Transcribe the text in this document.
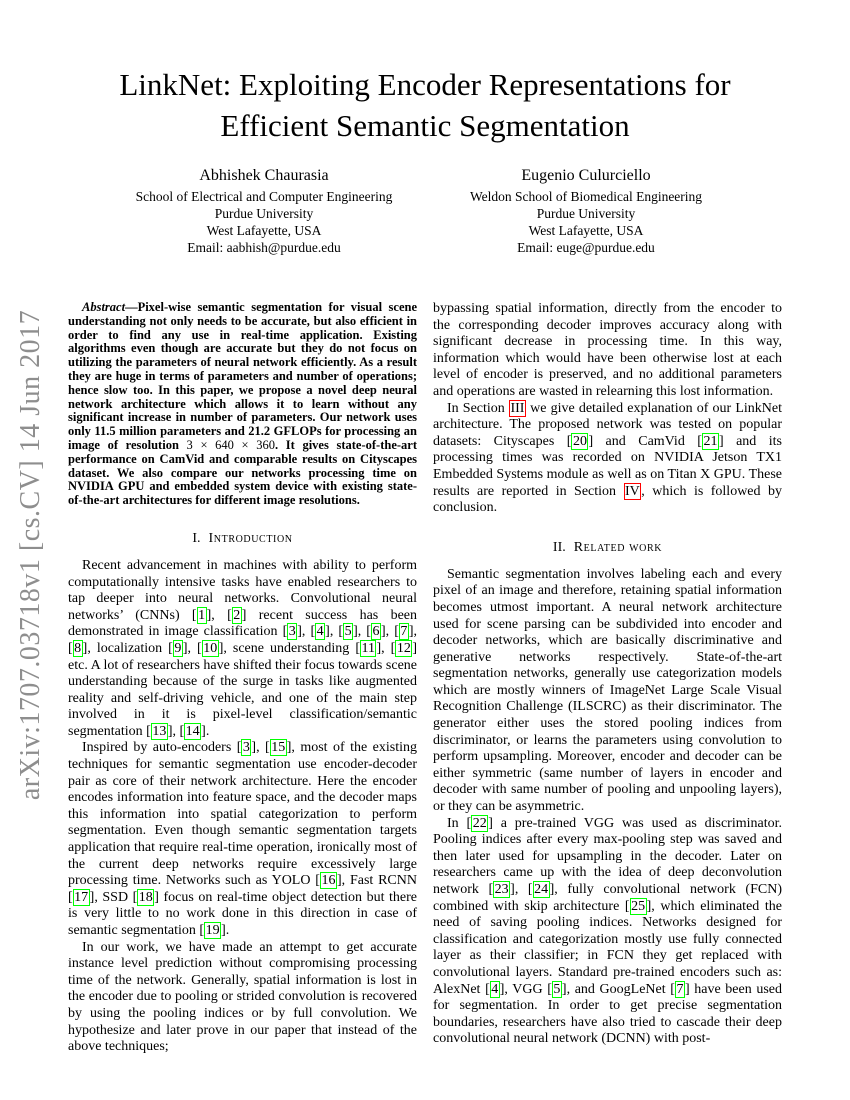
arXiv:1707.03718v1 [cs.CV] 14 Jun 2017
LinkNet: Exploiting Encoder Representations for
Efficient Semantic Segmentation
Abhishek Chaurasia
School of Electrical and Computer Engineering
Purdue University
West Lafayette, USA
Email: aabhish@purdue.edu
Eugenio Culurciello
Weldon School of Biomedical Engineering
Purdue University
West Lafayette, USA
Email: euge@purdue.edu

Abstract—Pixel-wise semantic segmentation for visual scene understanding not only needs to be accurate, but also efficient in order to find any use in real-time application. Existing algorithms even though are accurate but they do not focus on utilizing the parameters of neural network efficiently. As a result they are huge in terms of parameters and number of operations; hence slow too. In this paper, we propose a novel deep neural network architecture which allows it to learn without any significant increase in number of parameters. Our network uses only 11.5 million parameters and 21.2 GFLOPs for processing an image of resolution 3 × 640 × 360. It gives state-of-the-art performance on CamVid and comparable results on Cityscapes dataset. We also compare our networks processing time on NVIDIA GPU and embedded system device with existing state-of-the-art architectures for different image resolutions.

I. Introduction

Recent advancement in machines with ability to perform computationally intensive tasks have enabled researchers to tap deeper into neural networks. Convolutional neural networks’ (CNNs) [ 1 ], [ 2 ] recent success has been demonstrated in image classification [ 3 ], [ 4 ], [ 5 ], [ 6 ], [ 7 ], [ 8 ], localization [ 9 ], [ 10 ], scene understanding [ 11 ], [ 12 ] etc. A lot of researchers have shifted their focus towards scene understanding because of the surge in tasks like augmented reality and self-driving vehicle, and one of the main step involved in it is pixel-level classification/semantic segmentation [ 13 ], [ 14 ].

Inspired by auto-encoders [ 3 ], [ 15 ], most of the existing techniques for semantic segmentation use encoder-decoder pair as core of their network architecture. Here the encoder encodes information into feature space, and the decoder maps this information into spatial categorization to perform segmentation. Even though semantic segmentation targets application that require real-time operation, ironically most of the current deep networks require excessively large processing time. Networks such as YOLO [ 16 ], Fast RCNN [ 17 ], SSD [ 18 ] focus on real-time object detection but there is very little to no work done in this direction in case of semantic segmentation [ 19 ].

In our work, we have made an attempt to get accurate instance level prediction without compromising processing time of the network. Generally, spatial information is lost in the encoder due to pooling or strided convolution is recovered by using the pooling indices or by full convolution. We hypothesize and later prove in our paper that instead of the above techniques;

bypassing spatial information, directly from the encoder to the corresponding decoder improves accuracy along with significant decrease in processing time. In this way, information which would have been otherwise lost at each level of encoder is preserved, and no additional parameters and operations are wasted in relearning this lost information.

In Section III we give detailed explanation of our LinkNet architecture. The proposed network was tested on popular datasets: Cityscapes [ 20 ] and CamVid [ 21 ] and its processing times was recorded on NVIDIA Jetson TX1 Embedded Systems module as well as on Titan X GPU. These results are reported in Section IV , which is followed by conclusion.

II. Related work

Semantic segmentation involves labeling each and every pixel of an image and therefore, retaining spatial information becomes utmost important. A neural network architecture used for scene parsing can be subdivided into encoder and decoder networks, which are basically discriminative and generative networks respectively. State-of-the-art segmentation networks, generally use categorization models which are mostly winners of ImageNet Large Scale Visual Recognition Challenge (ILSCRC) as their discriminator. The generator either uses the stored pooling indices from discriminator, or learns the parameters using convolution to perform upsampling. Moreover, encoder and decoder can be either symmetric (same number of layers in encoder and decoder with same number of pooling and unpooling layers), or they can be asymmetric.

In [ 22 ] a pre-trained VGG was used as discriminator. Pooling indices after every max-pooling step was saved and then later used for upsampling in the decoder. Later on researchers came up with the idea of deep deconvolution network [ 23 ], [ 24 ], fully convolutional network (FCN) combined with skip architecture [ 25 ], which eliminated the need of saving pooling indices. Networks designed for classification and categorization mostly use fully connected layer as their classifier; in FCN they get replaced with convolutional layers. Standard pre-trained encoders such as: AlexNet [ 4 ], VGG [ 5 ], and GoogLeNet [ 7 ] have been used for segmentation. In order to get precise segmentation boundaries, researchers have also tried to cascade their deep convolutional neural network (DCNN) with post-
